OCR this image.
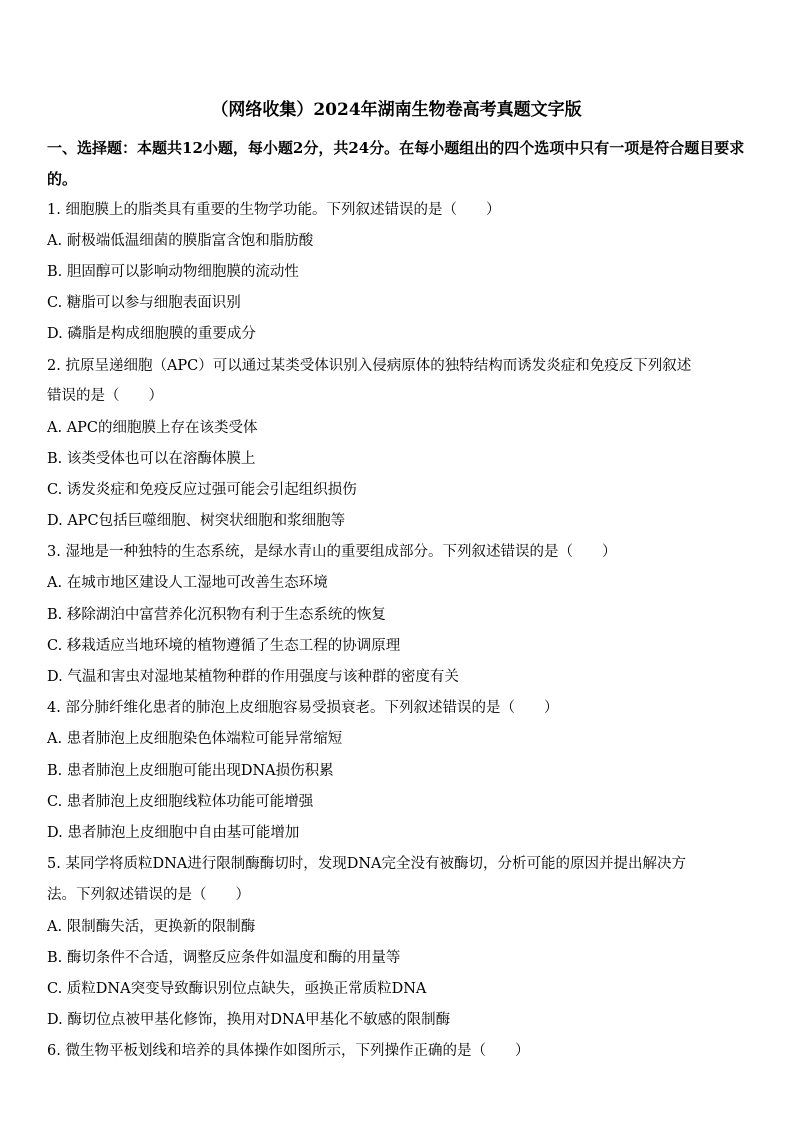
（网络收集）2024年湖南生物卷高考真题文字版
一、选择题：本题共12小题，每小题2分，共24分。在每小题组出的四个选项中只有一项是符合题目要求的。
1. 细胞膜上的脂类具有重要的生物学功能。下列叙述错误的是（　　）
A. 耐极端低温细菌的膜脂富含饱和脂肪酸
B. 胆固醇可以影响动物细胞膜的流动性
C. 糖脂可以参与细胞表面识别
D. 磷脂是构成细胞膜的重要成分
2. 抗原呈递细胞（APC）可以通过某类受体识别入侵病原体的独特结构而诱发炎症和免疫反下列叙述
错误的是（　　）
A. APC的细胞膜上存在该类受体
B. 该类受体也可以在溶酶体膜上
C. 诱发炎症和免疫反应过强可能会引起组织损伤
D. APC包括巨噬细胞、树突状细胞和浆细胞等
3. 湿地是一种独特的生态系统，是绿水青山的重要组成部分。下列叙述错误的是（　　）
A. 在城市地区建设人工湿地可改善生态环境
B. 移除湖泊中富营养化沉积物有利于生态系统的恢复
C. 移栽适应当地环境的植物遵循了生态工程的协调原理
D. 气温和害虫对湿地某植物种群的作用强度与该种群的密度有关
4. 部分肺纤维化患者的肺泡上皮细胞容易受损衰老。下列叙述错误的是（　　）
A. 患者肺泡上皮细胞染色体端粒可能异常缩短
B. 患者肺泡上皮细胞可能出现DNA损伤积累
C. 患者肺泡上皮细胞线粒体功能可能增强
D. 患者肺泡上皮细胞中自由基可能增加
5. 某同学将质粒DNA进行限制酶酶切时，发现DNA完全没有被酶切，分析可能的原因并提出解决方
法。下列叙述错误的是（　　）
A. 限制酶失活，更换新的限制酶
B. 酶切条件不合适，调整反应条件如温度和酶的用量等
C. 质粒DNA突变导致酶识别位点缺失，亟换正常质粒DNA
D. 酶切位点被甲基化修饰，换用对DNA甲基化不敏感的限制酶
6. 微生物平板划线和培养的具体操作如图所示，下列操作正确的是（　　）
